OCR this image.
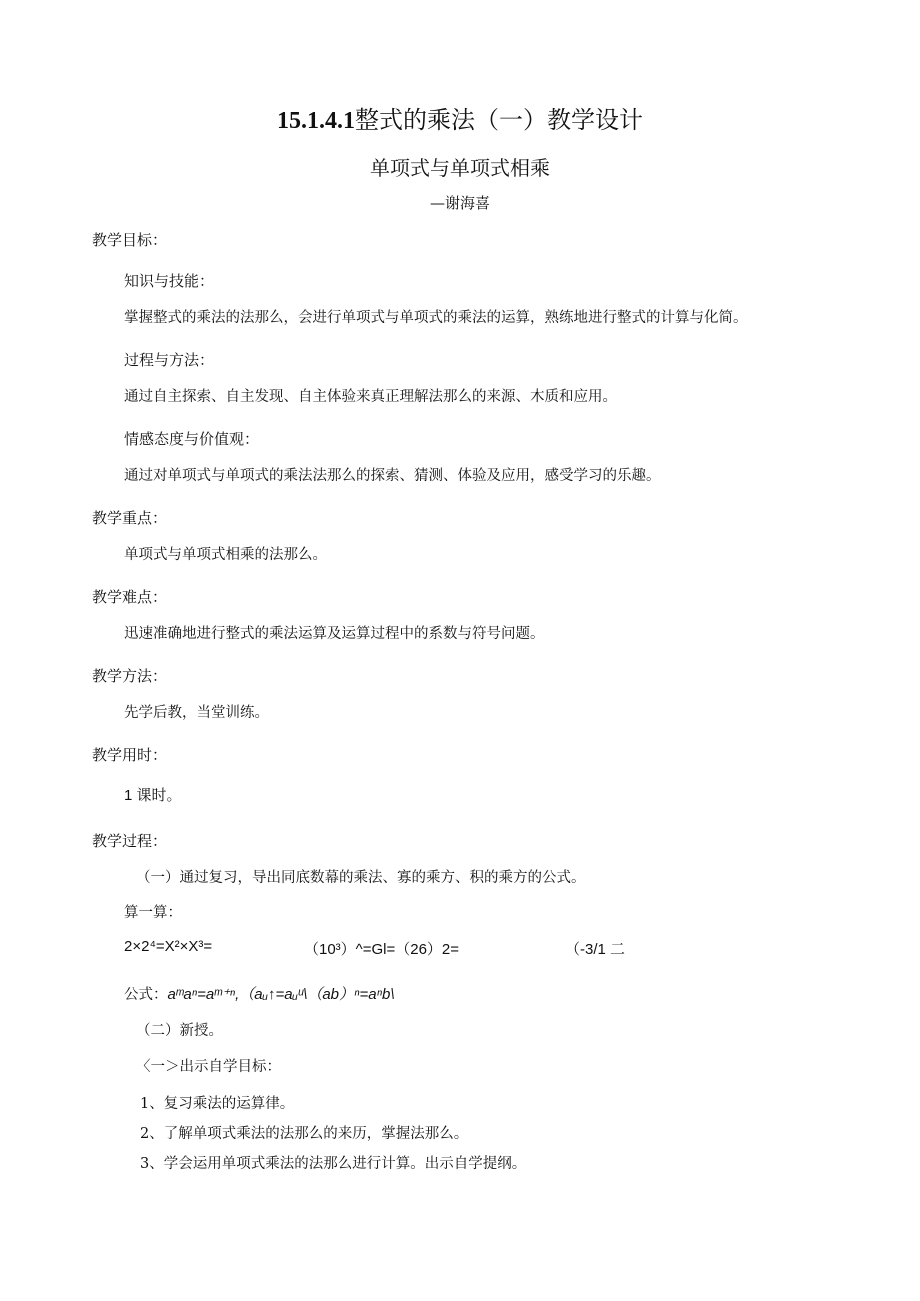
15.1.4.1整式的乘法（一）教学设计
单项式与单项式相乘
—谢海喜
教学目标：
知识与技能：
掌握整式的乘法的法那么，会进行单项式与单项式的乘法的运算，熟练地进行整式的计算与化简。
过程与方法：
通过自主探索、自主发现、自主体验来真正理解法那么的来源、木质和应用。
情感态度与价值观：
通过对单项式与单项式的乘法法那么的探索、猜测、体验及应用，感受学习的乐趣。
教学重点：
单项式与单项式相乘的法那么。
教学难点：
迅速准确地进行整式的乘法运算及运算过程中的系数与符号问题。
教学方法：
先学后教，当堂训练。
教学用时：
1 课时。
教学过程：
（一）通过复习，导出同底数幕的乘法、寡的乘方、积的乘方的公式。
算一算：
2×2⁴=X²×X³=	（10³）^=Gl=（26）2=	（-3/1 二
公式：aᵐaⁿ=aᵐ⁺ⁿ,（aᵤ↑=aᵤᵘ\（ab）ⁿ=aⁿb\
（二）新授。
〈一＞出示自学目标：
1、复习乘法的运算律。
2、了解单项式乘法的法那么的来历，掌握法那么。
3、学会运用单项式乘法的法那么进行计算。出示自学提纲。
